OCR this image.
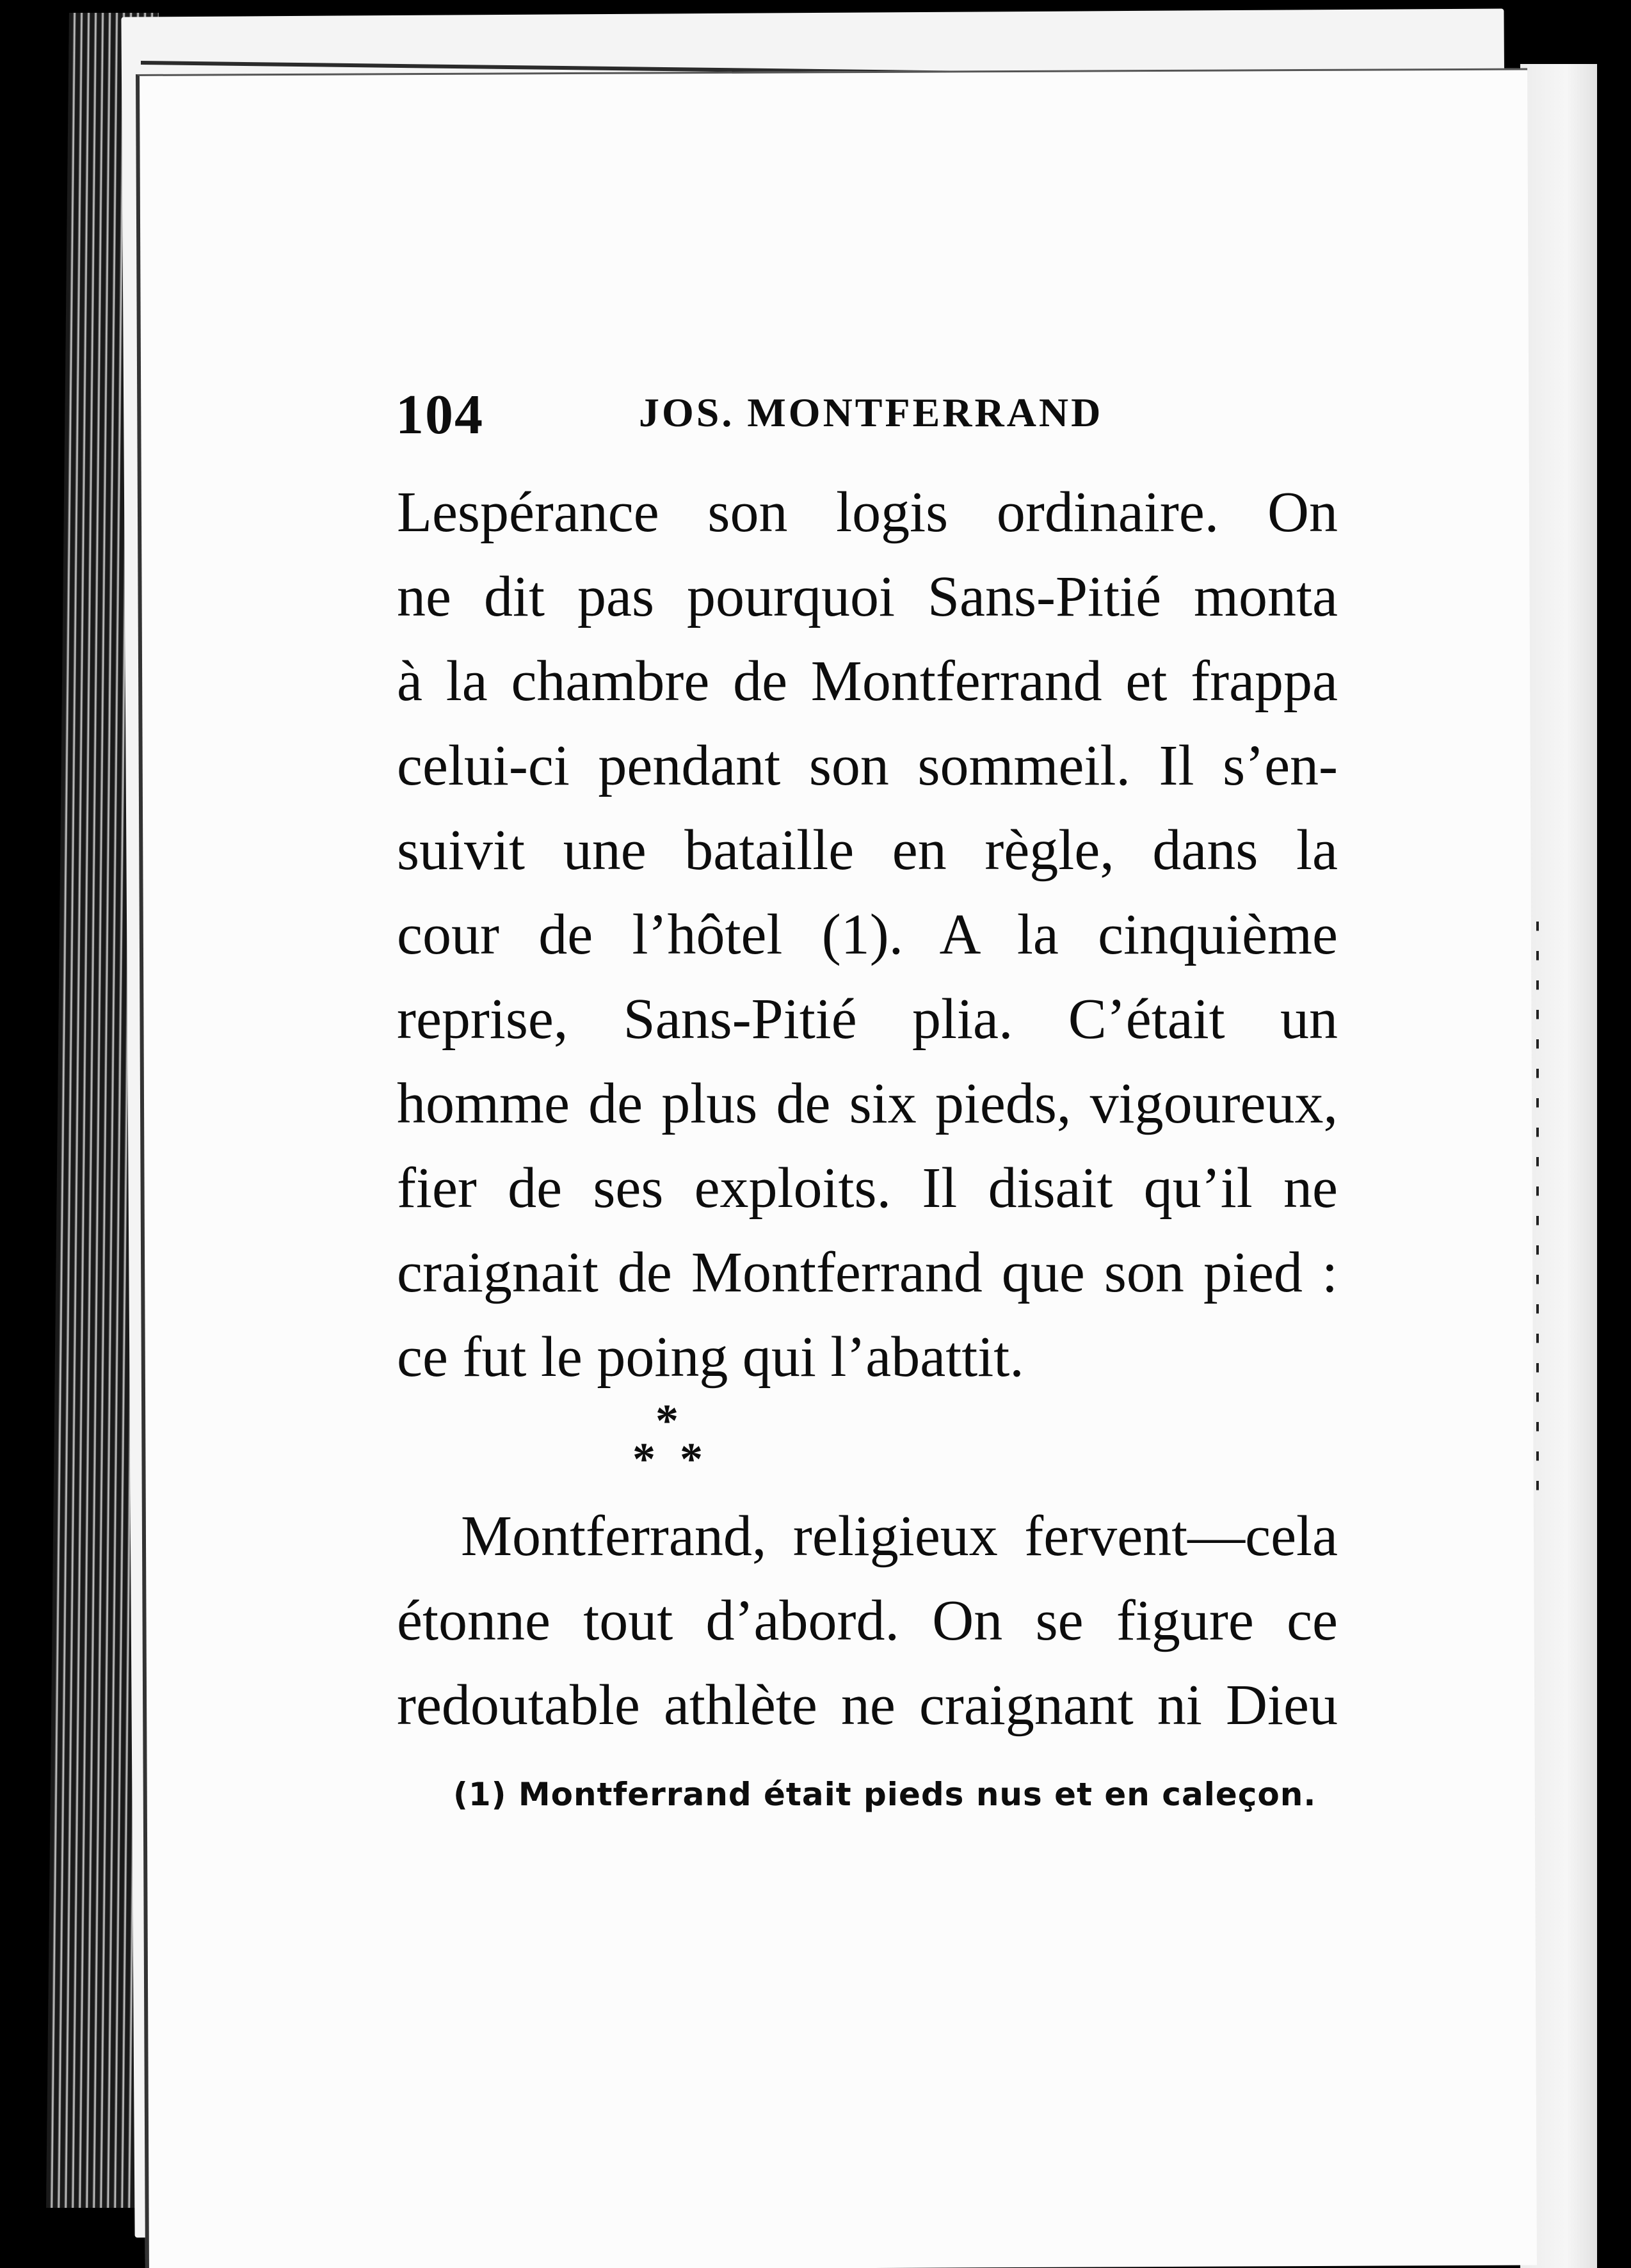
104	JOS. MONTFERRAND

Lespérance son logis ordinaire. On
ne dit pas pourquoi Sans-Pitié monta
à la chambre de Montferrand et frappa
celui-ci pendant son sommeil. Il s’en-
suivit une bataille en règle, dans la
cour de l’hôtel (1). A la cinquième
reprise, Sans-Pitié plia. C’était un
homme de plus de six pieds, vigoureux,
fier de ses exploits. Il disait qu’il ne
craignait de Montferrand que son pied :
ce fut le poing qui l’abattit.

*
* *

Montferrand, religieux fervent—cela
étonne tout d’abord. On se figure ce
redoutable athlète ne craignant ni Dieu

(1) Montferrand était pieds nus et en caleçon.
